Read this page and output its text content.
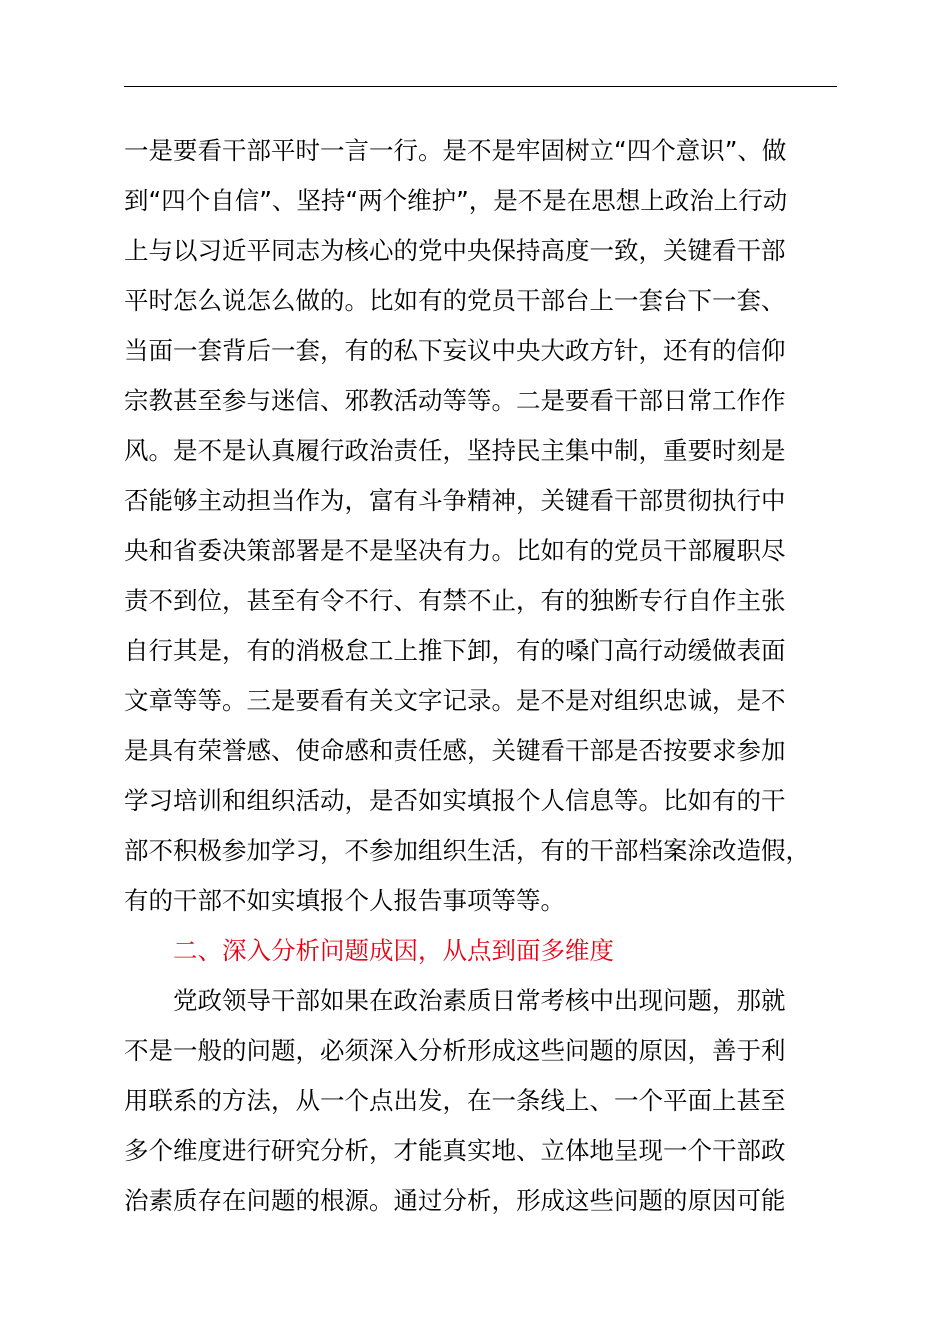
一是要看干部平时一言一行。是不是牢固树立“四个意识”、做
到“四个自信”、坚持“两个维护”，是不是在思想上政治上行动
上与以习近平同志为核心的党中央保持高度一致，关键看干部
平时怎么说怎么做的。比如有的党员干部台上一套台下一套、
当面一套背后一套，有的私下妄议中央大政方针，还有的信仰
宗教甚至参与迷信、邪教活动等等。二是要看干部日常工作作
风。是不是认真履行政治责任，坚持民主集中制，重要时刻是
否能够主动担当作为，富有斗争精神，关键看干部贯彻执行中
央和省委决策部署是不是坚决有力。比如有的党员干部履职尽
责不到位，甚至有令不行、有禁不止，有的独断专行自作主张
自行其是，有的消极怠工上推下卸，有的嗓门高行动缓做表面
文章等等。三是要看有关文字记录。是不是对组织忠诚，是不
是具有荣誉感、使命感和责任感，关键看干部是否按要求参加
学习培训和组织活动，是否如实填报个人信息等。比如有的干
部不积极参加学习，不参加组织生活，有的干部档案涂改造假，
有的干部不如实填报个人报告事项等等。
二、深入分析问题成因，从点到面多维度
党政领导干部如果在政治素质日常考核中出现问题，那就
不是一般的问题，必须深入分析形成这些问题的原因，善于利
用联系的方法，从一个点出发，在一条线上、一个平面上甚至
多个维度进行研究分析，才能真实地、立体地呈现一个干部政
治素质存在问题的根源。通过分析，形成这些问题的原因可能
